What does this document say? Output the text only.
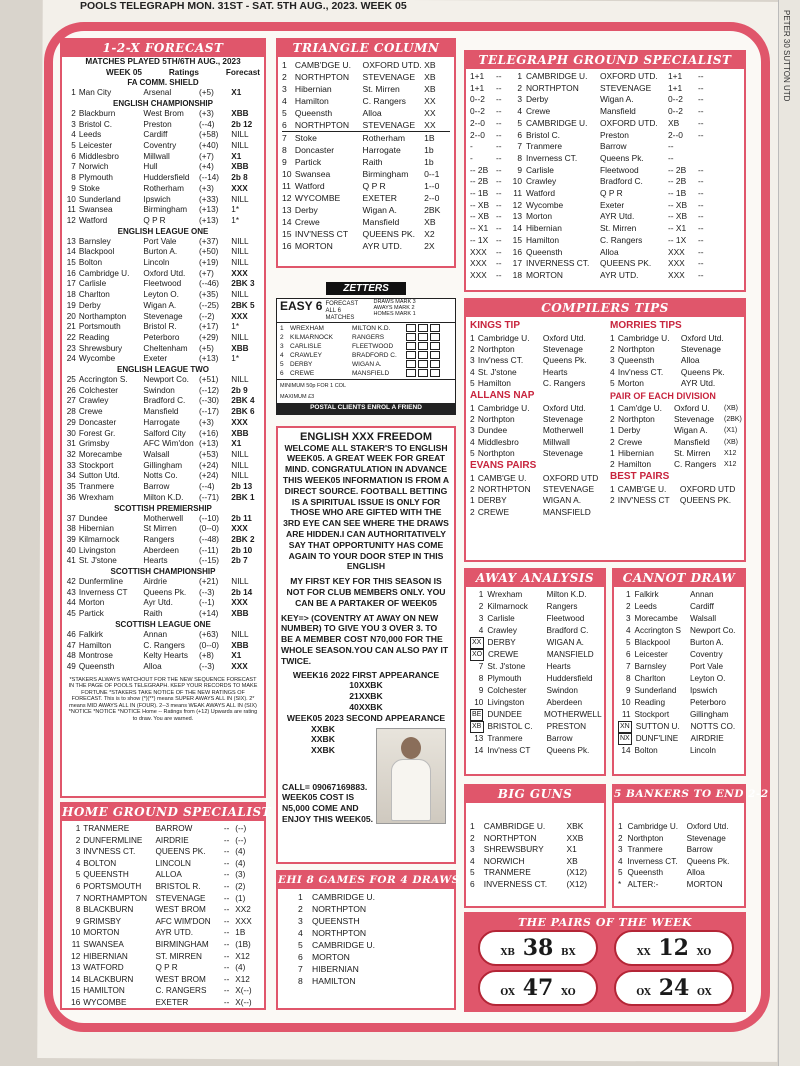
PETER 30 SUTTON UTD
POOLS TELEGRAPH MON. 31ST - SAT. 5TH AUG., 2023. WEEK 05
1-2-X FORECAST
MATCHES PLAYED 5TH/6TH AUG., 2023
WEEK 05	Ratings	Forecast
FA COMM. SHIELD
1 Man City	Arsenal	(+5)	X1
ENGLISH CHAMPIONSHIP
2 Blackburn	West Brom	(+3)	XBB
3 Bristol C.	Preston	(--4)	2b 12
4 Leeds	Cardiff	(+58)	NILL
5 Leicester	Coventry	(+40)	NILL
6 Middlesbro	Millwall	(+7)	X1
7 Norwich	Hull	(+4)	XBB
8 Plymouth	Huddersfield	(--14)	2b 8
9 Stoke	Rotherham	(+3)	XXX
10 Sunderland	Ipswich	(+33)	NILL
11 Swansea	Birmingham	(+13)	1*
12 Watford	Q P R	(+13)	1*
ENGLISH LEAGUE ONE
13 Barnsley	Port Vale	(+37)	NILL
14 Blackpool	Burton A.	(+50)	NILL
15 Bolton	Lincoln	(+19)	NILL
16 Cambridge U.	Oxford Utd.	(+7)	XXX
17 Carlisle	Fleetwood	(--46)	2BK 3
18 Charlton	Leyton O.	(+35)	NILL
19 Derby	Wigan A.	(--25)	2BK 5
20 Northampton	Stevenage	(--2)	XXX
21 Portsmouth	Bristol R.	(+17)	1*
22 Reading	Peterboro	(+29)	NILL
23 Shrewsbury	Cheltenham	(+5)	XBB
24 Wycombe	Exeter	(+13)	1*
ENGLISH LEAGUE TWO
25 Accrington S.	Newport Co.	(+51)	NILL
26 Colchester	Swindon	(--12)	2b 9
27 Crawley	Bradford C.	(--30)	2BK 4
28 Crewe	Mansfield	(--17)	2BK 6
29 Doncaster	Harrogate	(+3)	XXX
30 Forest Gr.	Salford City	(+16)	XBB
31 Grimsby	AFC Wim'don (+13)	X1
32 Morecambe	Walsall	(+53)	NILL
33 Stockport	Gillingham	(+24)	NILL
34 Sutton Utd.	Notts Co.	(+24)	NILL
35 Tranmere	Barrow	(--4)	2b 13
36 Wrexham	Milton K.D.	(--71)	2BK 1
SCOTTISH PREMIERSHIP
37 Dundee	Motherwell	(--10)	2b 11
38 Hibernian	St Mirren	(0--0)	XXX
39 Kilmarnock	Rangers	(--48)	2BK 2
40 Livingston	Aberdeen	(--11)	2b 10
41 St. J'stone	Hearts	(--15)	2b 7
SCOTTISH CHAMPIONSHIP
42 Dunfermline	Airdrie	(+21)	NILL
43 Inverness CT	Queens Pk.	(--3)	2b 14
44 Morton	Ayr Utd.	(--1)	XXX
45 Partick	Raith	(+14)	XBB
SCOTTISH LEAGUE ONE
46 Falkirk	Annan	(+63)	NILL
47 Hamilton	C. Rangers	(0--0)	XBB
48 Montrose	Kelty Hearts	(+8)	X1
49 Queensth	Alloa	(--3)	XXX
*STAKERS ALWAYS WATCHOUT FOR THE NEW SEQUENCE FORECAST IN THE PAGE OF POOLS TELEGRAPH. KEEP YOUR RECORDS TO MAKE FORTUNE *STAKERS TAKE NOTICE OF THE NEW RATINGS OF FORECAST. This is to show (*)(**) means SUPER AWAYS ALL IN (SIX). 2* means MID AWAYS ALL IN (FOUR). 2--3 means WEAK AWAYS ALL IN (SIX) *NOTICE *NOTICE *NOTICE Home -- Ratings from (+12) Upwards are rating to draw. You are warned.
HOME GROUND SPECIALIST
1 TRANMERE	BARROW	-- (--)
2 DUNFERMLINE	AIRDRIE	-- (--)
3 INV'NESS CT.	QUEENS PK.	-- (4)
4 BOLTON	LINCOLN	-- (4)
5 QUEENSTH	ALLOA	-- (3)
6 PORTSMOUTH	BRISTOL R.	-- (2)
7 NORTHAMPTON	STEVENAGE	-- (1)
8 BLACKBURN	WEST BROM	-- XX2
9 GRIMSBY	AFC WIM'DON	-- XXX
10 MORTON	AYR UTD.	-- 1B
11 SWANSEA	BIRMINGHAM	-- (1B)
12 HIBERNIAN	ST. MIRREN	-- X12
13 WATFORD	Q P R	-- (4)
14 BLACKBURN	WEST BROM	-- X12
15 HAMILTON	C. RANGERS	-- X(--)
16 WYCOMBE	EXETER	-- X(--)
TRIANGLE COLUMN
1 CAMB'DGE U.	OXFORD UTD. XB
2 NORTHPTON	STEVENAGE	XB
3 Hibernian	St. Mirren	XB
4 Hamilton	C. Rangers	XX
5 Queensth	Alloa	XX
6 NORTHPTON	STEVENAGE	XX
7 Stoke	Rotherham	1B
8 Doncaster	Harrogate	1b
9 Partick	Raith	1b
10 Swansea	Birmingham	0--1
11 Watford	Q P R	1--0
12 WYCOMBE	EXETER	2--0
13 Derby	Wigan A.	2BK
14 Crewe	Mansfield	XB
15 INV'NESS CT	QUEENS PK.	X2
16 MORTON	AYR UTD.	2X
ZETTERS
EASY 6 FORECAST ALL 6 MATCHES
DRAWS MARK 3
AWAYS MARK 2
HOMES MARK 1
1 WREXHAM	MILTON K.D.
2 KILMARNOCK	RANGERS
3 CARLISLE	FLEETWOOD
4 CRAWLEY	BRADFORD C.
5 DERBY	WIGAN A.
6 CREWE	MANSFIELD
MINIMUM 50p FOR 1 COL
MAXIMUM £3
POSTAL CLIENTS ENROL A FRIEND
ENGLISH XXX FREEDOM
WELCOME ALL STAKER'S TO ENGLISH
WEEK05. A GREAT WEEK FOR GREAT MIND. CONGRATULATION IN ADVANCE THIS WEEK05 INFORMATION IS FROM A DIRECT SOURCE. FOOTBALL BETTING IS A SPIRITUAL ISSUE IS ONLY FOR THOSE WHO ARE GIFTED WITH THE 3RD EYE CAN SEE WHERE THE DRAWS ARE HIDDEN.I CAN AUTHORITATIVELY SAY THAT OPPORTUNITY HAS COME AGAIN TO YOUR DOOR STEP IN THIS ENGLISH
MY FIRST KEY FOR THIS SEASON IS NOT FOR CLUB MEMBERS ONLY. YOU CAN BE A PARTAKER OF WEEK05
KEY=> (COVENTRY AT AWAY ON NEW NUMBER) TO GIVE YOU 3 OVER 3. TO BE A MEMBER COST N70,000 FOR THE WHOLE SEASON.YOU CAN ALSO PAY IT TWICE.
WEEK16 2022 FIRST APPEARANCE
10XXBK
21XXBK
40XXBK
WEEK05 2023 SECOND APPEARANCE
XXBK
XXBK
XXBK
CALL= 09067169883.
WEEK05 COST IS N5,000 COME AND ENJOY THIS WEEK05.
EHI 8 GAMES FOR 4 DRAWS
1	CAMBRIDGE U.
2	NORTHPTON
3	QUEENSTH
4	NORTHPTON
5	CAMBRIDGE U.
6	MORTON
7	HIBERNIAN
8	HAMILTON
TELEGRAPH GROUND SPECIALIST
1+1	--	1 CAMBRIDGE U.	OXFORD UTD.	1+1	--
1+1	--	2 NORTHPTON	STEVENAGE	1+1	--
0--2	--	3 Derby	Wigan A.	0--2	--
0--2	--	4 Crewe	Mansfield	0--2	--
2--0	--	5 CAMBRIDGE U.	OXFORD UTD.	XB	--
2--0	--	6 Bristol C.	Preston	2--0	--
-	--	7 Tranmere	Barrow	--
-	--	8 Inverness CT.	Queens Pk.	--
-- 2B --	9 Carlisle	Fleetwood	-- 2B	--
-- 2B --	10 Crawley	Bradford C.	-- 2B	--
-- 1B --	11 Watford	Q P R	-- 1B	--
-- XB --	12 Wycombe	Exeter	-- XB	--
-- XB --	13 Morton	AYR Utd.	-- XB	--
-- X1 --	14 Hibernian	St. Mirren	-- X1	--
-- 1X --	15 Hamilton	C. Rangers	-- 1X	--
XXX	--	16 Queensth	Alloa	XXX	--
XXX	--	17 INVERNESS CT.	QUEENS PK.	XXX	--
XXX	--	18 MORTON	AYR UTD.	XXX	--
COMPILERS TIPS
KINGS TIP
1 Cambridge U.	Oxford Utd.
2 Northpton	Stevenage
3 Inv'ness CT.	Queens Pk.
4 St. J'stone	Hearts
5 Hamilton	C. Rangers
ALLANS NAP
1 Cambridge U.	Oxford Utd.
2 Northpton	Stevenage
3 Dundee	Motherwell
4 Middlesbro	Millwall
5 Northpton	Stevenage
EVANS PAIRS
1 CAMB'GE U.	OXFORD UTD
2 NORTHPTON	STEVENAGE
1 DERBY	WIGAN A.
2 CREWE	MANSFIELD
MORRIES TIPS
1 Cambridge U.	Oxford Utd.
2 Northpton	Stevenage
3 Queensth	Alloa
4 Inv'ness CT.	Queens Pk.
5 Morton	AYR Utd.
PAIR OF EACH DIVISION
1 Cam'dge U.	Oxford U.	(XB)
2 Northpton	Stevenage	(2BK)
1 Derby	Wigan A.	(X1)
2 Crewe	Mansfield	(XB)
1 Hibernian	St. Mirren	X12
2 Hamilton	C. Rangers	X12
BEST PAIRS
1 CAMB'GE U.	OXFORD UTD
2 INV'NESS CT	QUEENS PK.
AWAY ANALYSIS
1 Wrexham	Milton K.D.
2 Kilmarnock	Rangers
3 Carlisle	Fleetwood
4 Crawley	Bradford C.
XX DERBY	WIGAN A.
XO CREWE	MANSFIELD
7 St. J'stone	Hearts
8 Plymouth	Huddersfield
9 Colchester	Swindon
10 Livingston	Aberdeen
BE DUNDEE	MOTHERWELL
XB BRISTOL C.	PRESTON
13 Tranmere	Barrow
14 Inv'ness CT	Queens Pk.
CANNOT DRAW
1 Falkirk	Annan
2 Leeds	Cardiff
3 Morecambe	Walsall
4 Accrington S	Newport Co.
5 Blackpool	Burton A.
6 Leicester	Coventry
7 Barnsley	Port Vale
8 Charlton	Leyton O.
9 Sunderland	Ipswich
10 Reading	Peterboro
11 Stockport	Gillingham
XN SUTTON U.	NOTTS CO.
NX DUNF'LINE	AIRDRIE
14 Bolton	Lincoln
BIG GUNS
1	CAMBRIDGE U.	XBK
2	NORTHPTON	XXB
3	SHREWSBURY	X1
4	NORWICH	XB
5	TRANMERE	(X12)
6	INVERNESS CT.	(X12)
5 BANKERS TO END 2-2
1 Cambridge U.	Oxford Utd.
2 Northpton	Stevenage
3 Tranmere	Barrow
4 Inverness CT.	Queens Pk.
5 Queensth	Alloa
* ALTER:-	MORTON
THE PAIRS OF THE WEEK
XB 38 BX	XX 12 XO
OX 47 XO	OX 24 OX
